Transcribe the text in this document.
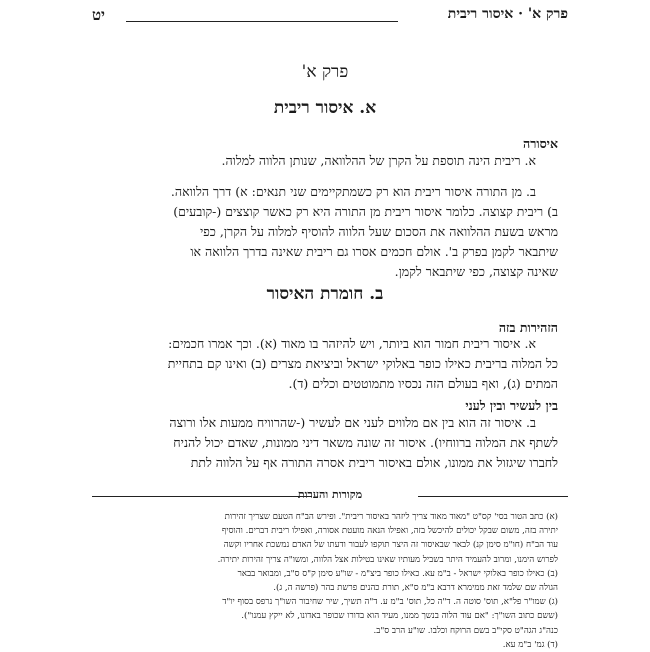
פרק א' · איסור ריבית
יט
פרק א'
א. איסור ריבית
איסורה
א. ריבית הינה תוספת על הקרן של ההלוואה, שנותן הלווה למלוה.
ב. מן התורה איסור ריבית הוא רק כשמתקיימים שני תנאים: א) דרך הלוואה.
ב) ריבית קצוצה. כלומר איסור ריבית מן התורה היא רק כאשר קוצצים (-קובעים)
מראש בשעת ההלוואה את הסכום שעל הלווה להוסיף למלוה על הקרן, כפי
שיתבאר לקמן בפרק ב'. אולם חכמים אסרו גם ריבית שאינה בדרך הלוואה או
שאינה קצוצה, כפי שיתבאר לקמן.
ב. חומרת האיסור
הזהירות בזה
א. איסור ריבית חמור הוא ביותר, ויש להיזהר בו מאוד (א). וכך אמרו חכמים:
כל המלוה בריבית כאילו כופר באלוקי ישראל וביציאת מצרים (ב) ואינו קם בתחיית
המתים (ג), ואף בעולם הזה נכסיו מתמוטטים וכלים (ד).
בין לעשיר ובין לעני
ב. איסור זה הוא בין אם מלווים לעני אם לעשיר (-שהרוויח ממעות אלו ורוצה
לשתף את המלוה ברווחיו). איסור זה שונה משאר דיני ממונות, שאדם יכול להניח
לחברו שיגזול את ממונו, אולם באיסור ריבית אסרה התורה אף על הלווה לתת
מקורות והערות
(א) כתב הטור בסי' קס"ט "מאוד מאוד צריך ליזהר באיסור ריבית". ופירש הב"ח הטעם שצריך זהירות
יתירה בזה, משום שבקל יכולים להיכשל בזה, ואפילו הנאה מועטת אסורה, ואפילו ריבית דברים. והוסיף
עוד הב"ח (חו"מ סימן קנ) לבאר שבאיסור זה היצר תוקפו לעבור ודעתו של האדם נמשכת אחריו וקשה
לפרוש הימנו, ומרוב להעמיד היתר בשביל מעותיו שאינו בטילות אצל הלווה, ומשו"ה צריך זהירות יתירה.
(ב) כאילו כופר באלוקי ישראל - ב"מ עא. כאילו כופר ביצ"מ - שו"ע סימן ק"ס ס"ב, ומבואר בבאר
הגולה שם שלמד זאת ממימרא דרבא ב"מ ס"א, תורת כהנים פרשת בהר (פרשה ה, ג).
(ג) שמו"ר פל"א, תוס' סוטה ה. ד"ה כל, תוס' ב"מ ע. ד"ה תשיך, שיר שחיבור השו"ך נרפס בסוף יו"ד
(ששם כתוב השו"ך: "אם עוד הלוה בנשך ממנו, מעיד הוא בדורו שכופר באדונו, לא ייקץ עמנו").
כנה"ג הגה"ט סקי"ב בשם הרוקח וכלבו. שו"ע הרב ס"ב.
(ד) גמ' ב"מ עא.
